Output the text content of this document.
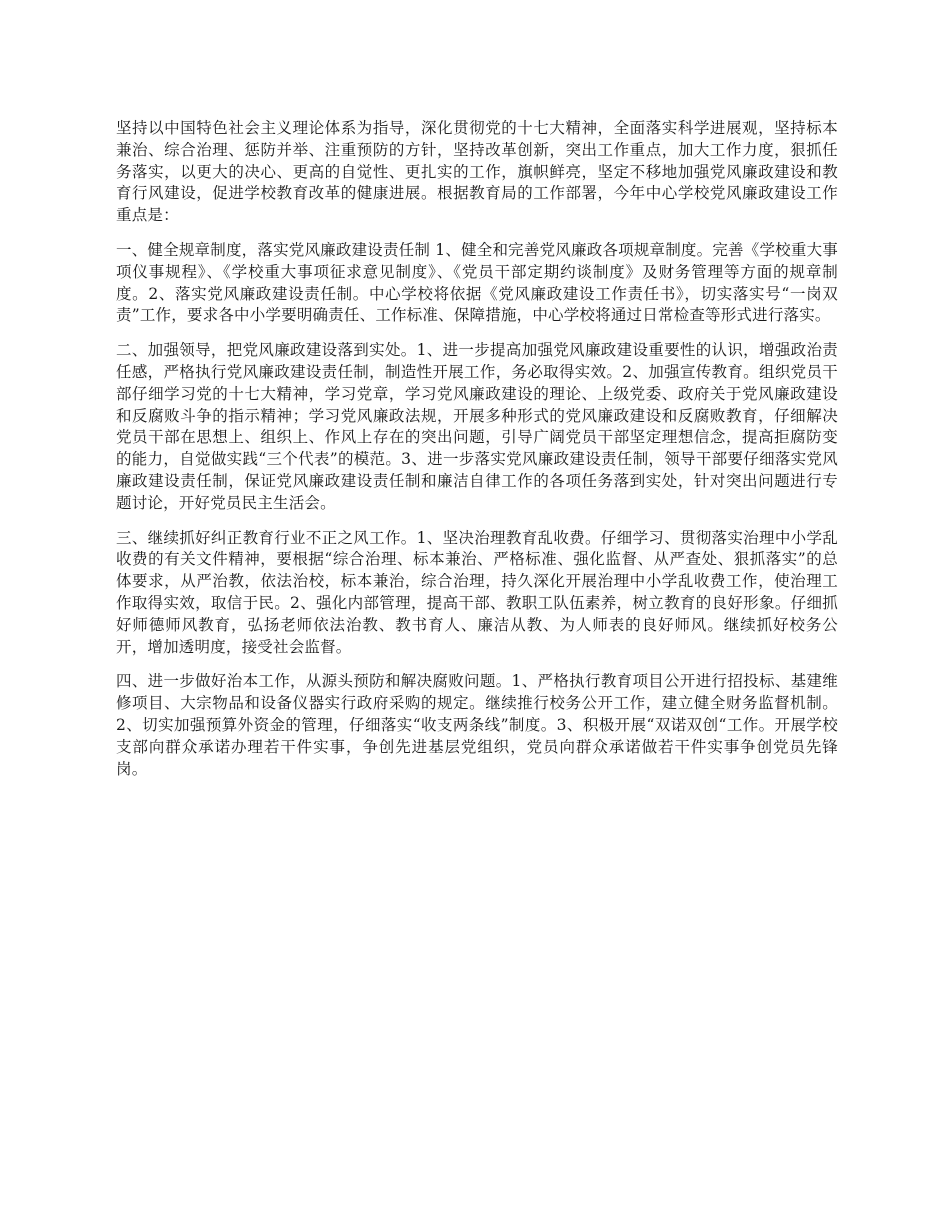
坚持以中国特色社会主义理论体系为指导，深化贯彻党的十七大精神，全面落实科学进展观，坚持标本兼治、综合治理、惩防并举、注重预防的方针，坚持改革创新，突出工作重点，加大工作力度，狠抓任务落实，以更大的决心、更高的自觉性、更扎实的工作，旗帜鲜亮，坚定不移地加强党风廉政建设和教育行风建设，促进学校教育改革的健康进展。根据教育局的工作部署，今年中心学校党风廉政建设工作重点是：

一、健全规章制度，落实党风廉政建设责任制 1、健全和完善党风廉政各项规章制度。完善《学校重大事项仪事规程》、《学校重大事项征求意见制度》、《党员干部定期约谈制度》及财务管理等方面的规章制度。2、落实党风廉政建设责任制。中心学校将依据《党风廉政建设工作责任书》，切实落实号“一岗双责”工作，要求各中小学要明确责任、工作标准、保障措施，中心学校将通过日常检查等形式进行落实。

二、加强领导，把党风廉政建设落到实处。1、进一步提高加强党风廉政建设重要性的认识，增强政治责任感，严格执行党风廉政建设责任制，制造性开展工作，务必取得实效。2、加强宣传教育。组织党员干部仔细学习党的十七大精神，学习党章，学习党风廉政建设的理论、上级党委、政府关于党风廉政建设和反腐败斗争的指示精神；学习党风廉政法规，开展多种形式的党风廉政建设和反腐败教育，仔细解决党员干部在思想上、组织上、作风上存在的突出问题，引导广阔党员干部坚定理想信念，提高拒腐防变的能力，自觉做实践“三个代表”的模范。3、进一步落实党风廉政建设责任制，领导干部要仔细落实党风廉政建设责任制，保证党风廉政建设责任制和廉洁自律工作的各项任务落到实处，针对突出问题进行专题讨论，开好党员民主生活会。

三、继续抓好纠正教育行业不正之风工作。1、坚决治理教育乱收费。仔细学习、贯彻落实治理中小学乱收费的有关文件精神，要根据“综合治理、标本兼治、严格标准、强化监督、从严查处、狠抓落实”的总体要求，从严治教，依法治校，标本兼治，综合治理，持久深化开展治理中小学乱收费工作，使治理工作取得实效，取信于民。2、强化内部管理，提高干部、教职工队伍素养，树立教育的良好形象。仔细抓好师德师风教育，弘扬老师依法治教、教书育人、廉洁从教、为人师表的良好师风。继续抓好校务公开，增加透明度，接受社会监督。

四、进一步做好治本工作，从源头预防和解决腐败问题。1、严格执行教育项目公开进行招投标、基建维修项目、大宗物品和设备仪器实行政府采购的规定。继续推行校务公开工作，建立健全财务监督机制。2、切实加强预算外资金的管理，仔细落实“收支两条线”制度。3、积极开展“双诺双创“工作。开展学校支部向群众承诺办理若干件实事，争创先进基层党组织，党员向群众承诺做若干件实事争创党员先锋岗。
